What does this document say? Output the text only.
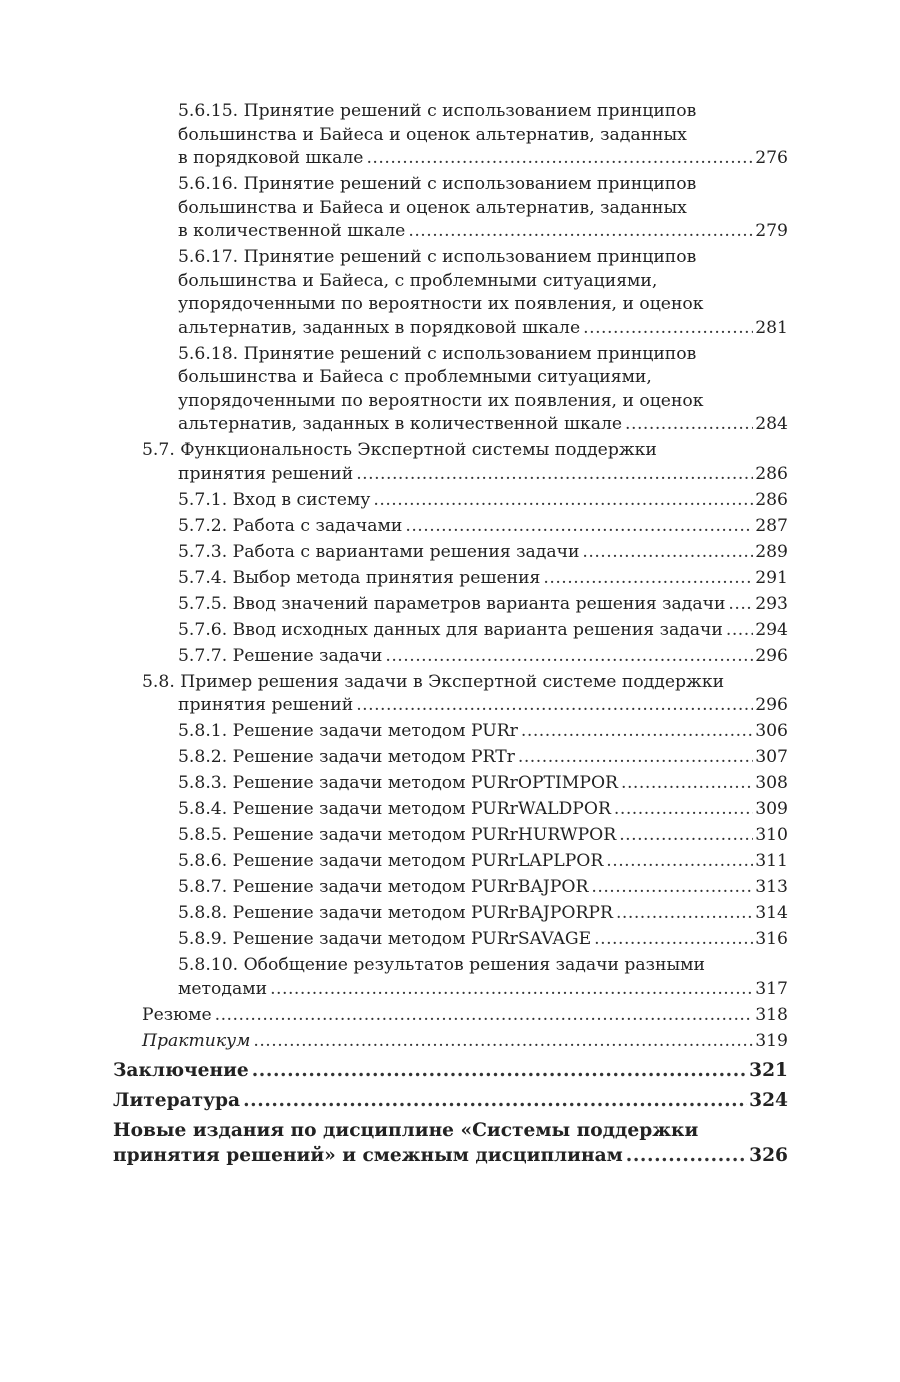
5.6.15. Принятие решений с использованием принципов
большинства и Байеса и оценок альтернатив, заданных
в порядковой шкале .....	276
5.6.16. Принятие решений с использованием принципов
большинства и Байеса и оценок альтернатив, заданных
в количественной шкале .....	279
5.6.17. Принятие решений с использованием принципов
большинства и Байеса, с проблемными ситуациями,
упорядоченными по вероятности их появления, и оценок
альтернатив, заданных в порядковой шкале .....	281
5.6.18. Принятие решений с использованием принципов
большинства и Байеса с проблемными ситуациями,
упорядоченными по вероятности их появления, и оценок
альтернатив, заданных в количественной шкале .....	284
5.7. Функциональность Экспертной системы поддержки
принятия решений .....	286
5.7.1. Вход в систему .....	286
5.7.2. Работа с задачами .....	287
5.7.3. Работа с вариантами решения задачи .....	289
5.7.4. Выбор метода принятия решения .....	291
5.7.5. Ввод значений параметров варианта решения задачи ..... 293
5.7.6. Ввод исходных данных для варианта решения задачи ..... 294
5.7.7. Решение задачи .....	296
5.8. Пример решения задачи в Экспертной системе поддержки
принятия решений .....	296
5.8.1. Решение задачи методом PURr .....	306
5.8.2. Решение задачи методом PRTr .....	307
5.8.3. Решение задачи методом PURrOPTIMPOR .....	308
5.8.4. Решение задачи методом PURrWALDPOR .....	309
5.8.5. Решение задачи методом PURrHURWPOR .....	310
5.8.6. Решение задачи методом PURrLAPLPOR .....	311
5.8.7. Решение задачи методом PURrBAJPOR .....	313
5.8.8. Решение задачи методом PURrBAJPORPR .....	314
5.8.9. Решение задачи методом PURrSAVAGE .....	316
5.8.10. Обобщение результатов решения задачи разными
методами .....	317
Резюме .....	318
Практикум .....	319
Заключение .....	321
Литература .....	324
Новые издания по дисциплине «Системы поддержки
принятия решений» и смежным дисциплинам .....	326
